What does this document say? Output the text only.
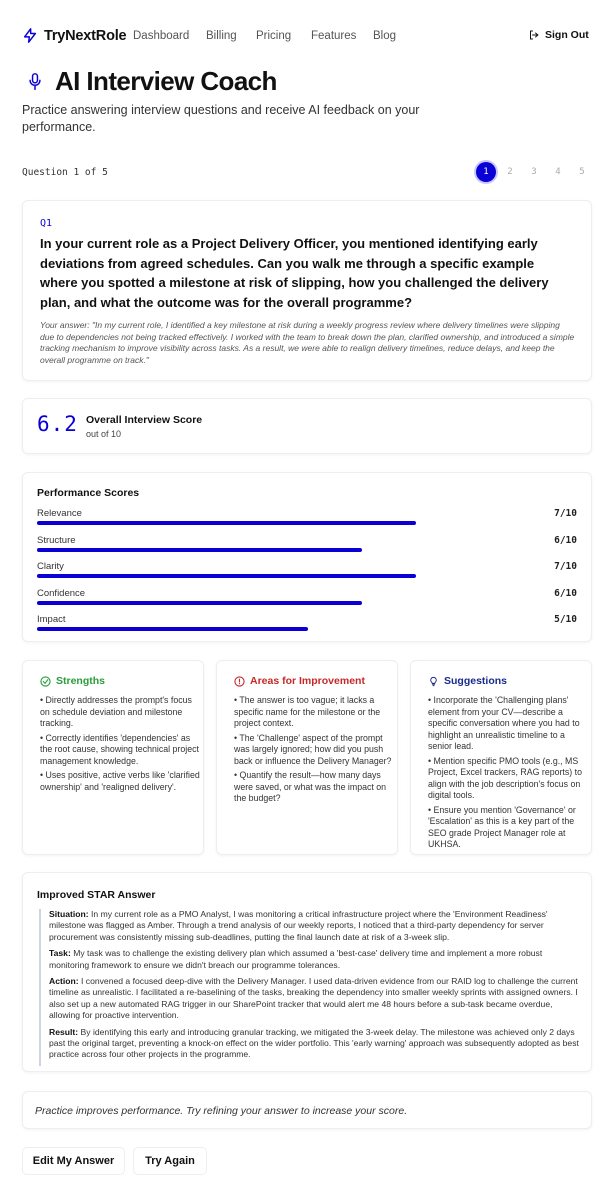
TryNextRole Dashboard Billing Pricing Features Blog	Sign Out
AI Interview Coach

Practice answering interview questions and receive AI feedback on your performance.

Question 1 of 5	1	2	3	4	5
Q1
In your current role as a Project Delivery Officer, you mentioned identifying early deviations from agreed schedules. Can you walk me through a specific example where you spotted a milestone at risk of slipping, how you challenged the delivery plan, and what the outcome was for the overall programme?
Your answer: "In my current role, I identified a key milestone at risk during a weekly progress review where delivery timelines were slipping due to dependencies not being tracked effectively. I worked with the team to break down the plan, clarified ownership, and introduced a simple tracking mechanism to improve visibility across tasks. As a result, we were able to realign delivery timelines, reduce delays, and keep the overall programme on track."
6.2 Overall Interview Score
out of 10
Performance Scores
Relevance	7/10
Structure	6/10
Clarity	7/10
Confidence	6/10
Impact	5/10
Strengths
• Directly addresses the prompt's focus on schedule deviation and milestone tracking.
• Correctly identifies 'dependencies' as the root cause, showing technical project management knowledge.
• Uses positive, active verbs like 'clarified ownership' and 'realigned delivery'.
Areas for Improvement
• The answer is too vague; it lacks a specific name for the milestone or the project context.
• The 'Challenge' aspect of the prompt was largely ignored; how did you push back or influence the Delivery Manager?
• Quantify the result—how many days were saved, or what was the impact on the budget?
Suggestions
• Incorporate the 'Challenging plans' element from your CV—describe a specific conversation where you had to highlight an unrealistic timeline to a senior lead.
• Mention specific PMO tools (e.g., MS Project, Excel trackers, RAG reports) to align with the job description's focus on digital tools.
• Ensure you mention 'Governance' or 'Escalation' as this is a key part of the SEO grade Project Manager role at UKHSA.
Improved STAR Answer

Situation: In my current role as a PMO Analyst, I was monitoring a critical infrastructure project where the 'Environment Readiness' milestone was flagged as Amber. Through a trend analysis of our weekly reports, I noticed that a third-party dependency for server procurement was consistently missing sub-deadlines, putting the final launch date at risk of a 3-week slip.

Task: My task was to challenge the existing delivery plan which assumed a 'best-case' delivery time and implement a more robust monitoring framework to ensure we didn't breach our programme tolerances.

Action: I convened a focused deep-dive with the Delivery Manager. I used data-driven evidence from our RAID log to challenge the current timeline as unrealistic. I facilitated a re-baselining of the tasks, breaking the dependency into smaller weekly sprints with assigned owners. I also set up a new automated RAG trigger in our SharePoint tracker that would alert me 48 hours before a sub-task became overdue, allowing for proactive intervention.

Result: By identifying this early and introducing granular tracking, we mitigated the 3-week delay. The milestone was achieved only 2 days past the original target, preventing a knock-on effect on the wider portfolio. This 'early warning' approach was subsequently adopted as best practice across four other projects in the programme.

Practice improves performance. Try refining your answer to increase your score.
Edit My Answer	Try Again
